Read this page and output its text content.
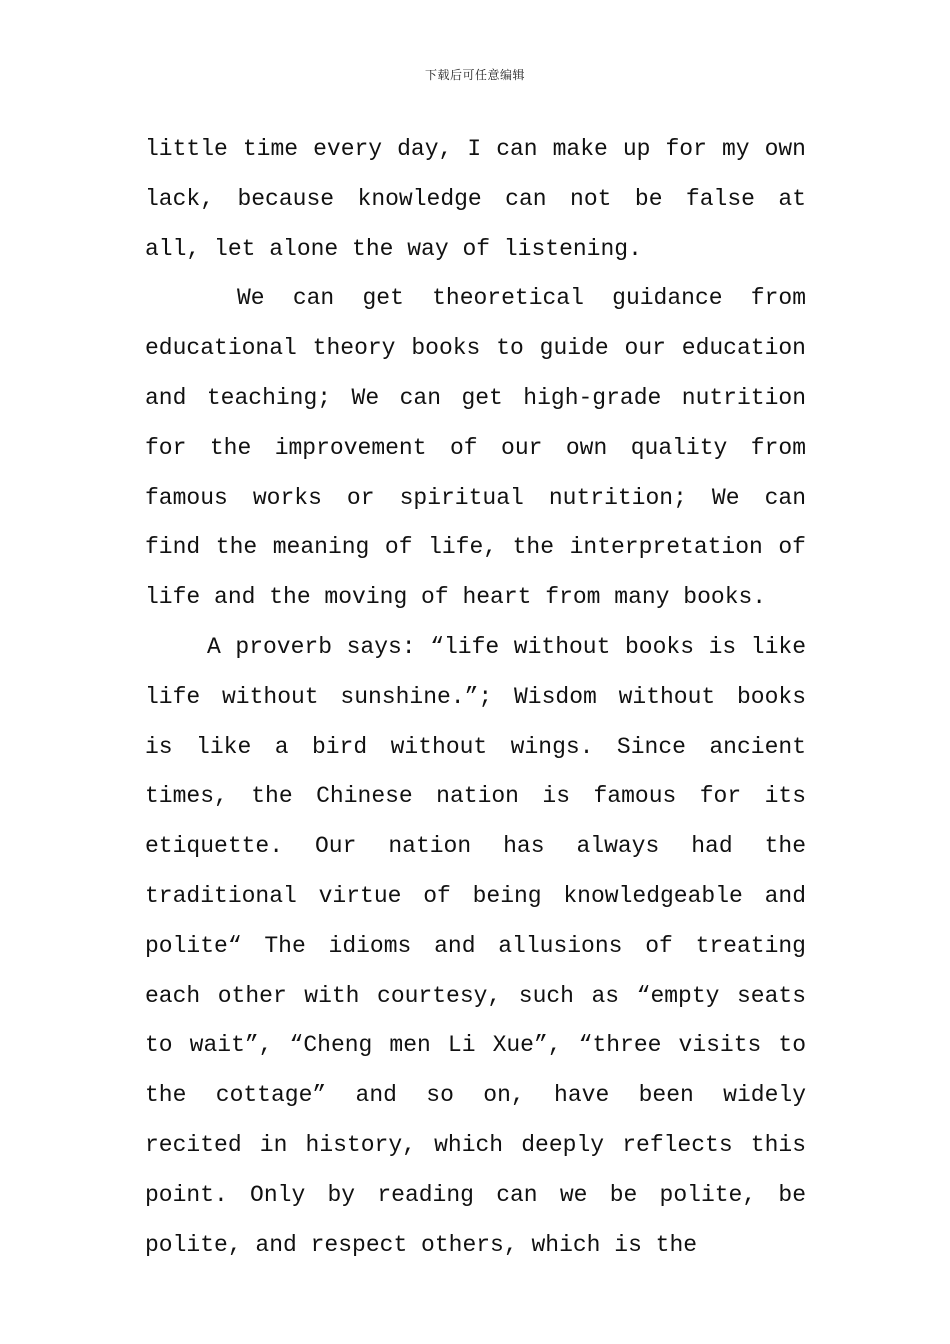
下载后可任意编辑

little time every day, I can make up for my own lack, because knowledge can not be false at all, let alone the way of listening.

We can get theoretical guidance from educational theory books to guide our education and teaching; We can get high-grade nutrition for the improvement of our own quality from famous works or spiritual nutrition; We can find the meaning of life, the interpretation of life and the moving of heart from many books.

A proverb says: “life without books is like life without sunshine.”; Wisdom without books is like a bird without wings. Since ancient times, the Chinese nation is famous for its etiquette. Our nation has always had the traditional virtue of being knowledgeable and polite“ The idioms and allusions of treating each other with courtesy, such as “empty seats to wait”, “Cheng men Li Xue”, “three visits to the cottage” and so on, have been widely recited in history, which deeply reflects this point. Only by reading can we be polite, be polite, and respect others, which is the
